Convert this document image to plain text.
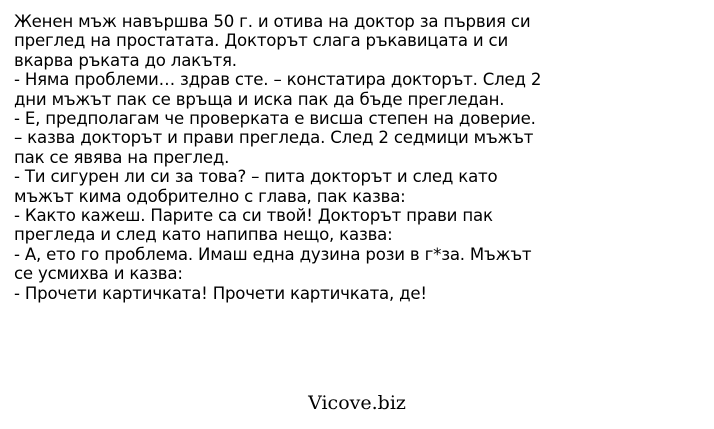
Женен мъж навършва 50 г. и отива на доктор за първия си
преглед на простатата. Докторът слага ръкавицата и си
вкарва ръката до лакътя.
- Няма проблеми… здрав сте. – констатира докторът. След 2
дни мъжът пак се връща и иска пак да бъде прегледан.
- Е, предполагам че проверката е висша степен на доверие.
– казва докторът и прави прегледа. След 2 седмици мъжът
пак се явява на преглед.
- Ти сигурен ли си за това? – пита докторът и след като
мъжът кима одобрително с глава, пак казва:
- Както кажеш. Парите са си твой! Докторът прави пак
прегледа и след като напипва нещо, казва:
- А, ето го проблема. Имаш една дузина рози в г*за. Мъжът
се усмихва и казва:
- Прочети картичката! Прочети картичката, де!
Vicove.biz
